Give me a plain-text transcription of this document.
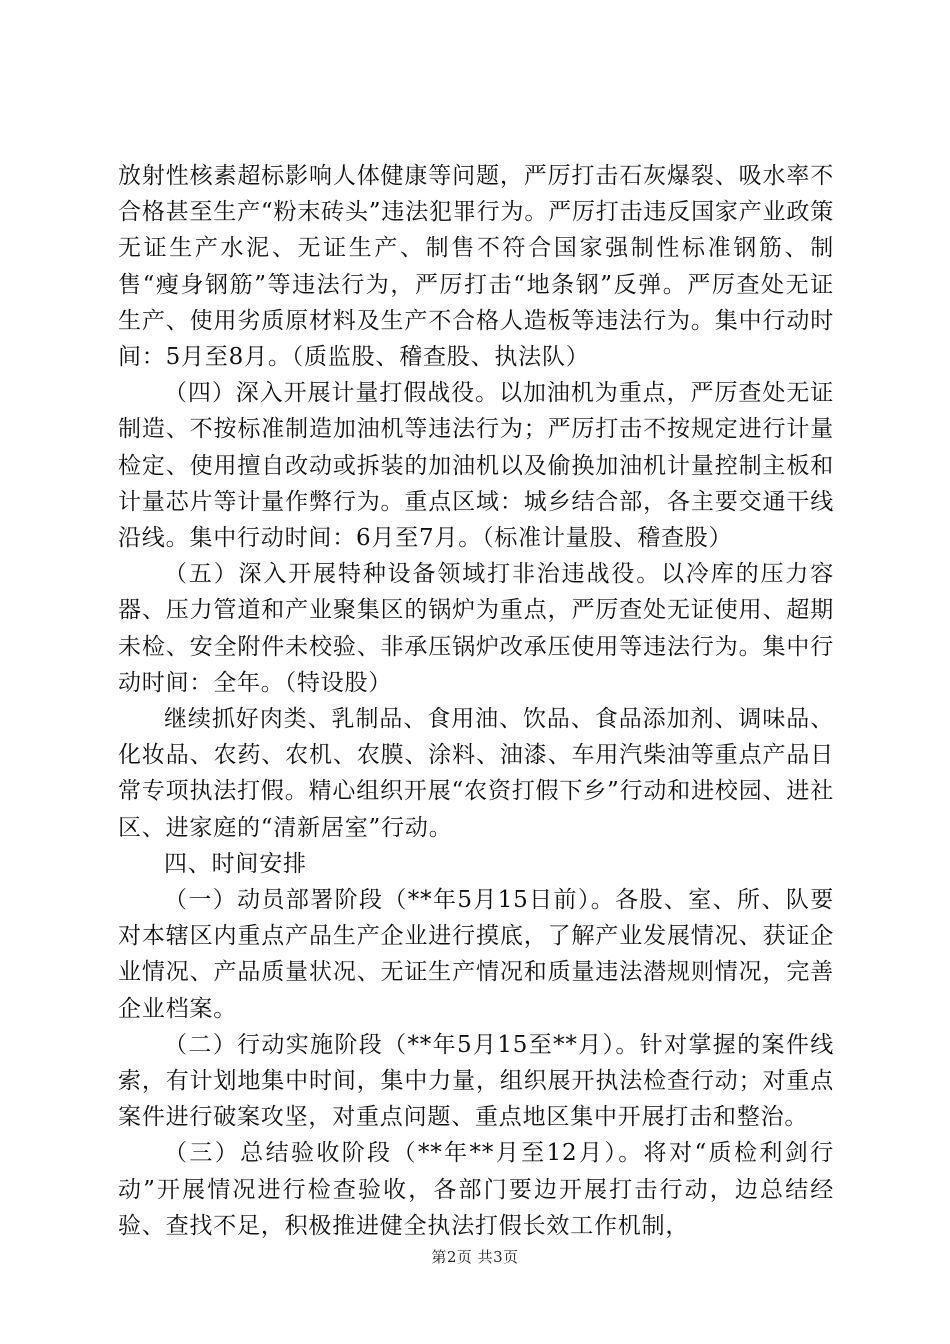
放射性核素超标影响人体健康等问题，严厉打击石灰爆裂、吸水率不合格甚至生产“粉末砖头”违法犯罪行为。严厉打击违反国家产业政策无证生产水泥、无证生产、制售不符合国家强制性标准钢筋、制售“瘦身钢筋”等违法行为，严厉打击“地条钢”反弹。严厉查处无证生产、使用劣质原材料及生产不合格人造板等违法行为。集中行动时间：5月至8月。（质监股、稽查股、执法队）

（四）深入开展计量打假战役。以加油机为重点，严厉查处无证制造、不按标准制造加油机等违法行为；严厉打击不按规定进行计量检定、使用擅自改动或拆装的加油机以及偷换加油机计量控制主板和计量芯片等计量作弊行为。重点区域：城乡结合部，各主要交通干线沿线。集中行动时间：6月至7月。（标准计量股、稽查股）

（五）深入开展特种设备领域打非治违战役。以冷库的压力容器、压力管道和产业聚集区的锅炉为重点，严厉查处无证使用、超期未检、安全附件未校验、非承压锅炉改承压使用等违法行为。集中行动时间：全年。（特设股）

继续抓好肉类、乳制品、食用油、饮品、食品添加剂、调味品、化妆品、农药、农机、农膜、涂料、油漆、车用汽柴油等重点产品日常专项执法打假。精心组织开展“农资打假下乡”行动和进校园、进社区、进家庭的“清新居室”行动。

四、时间安排

（一）动员部署阶段（**年5月15日前）。各股、室、所、队要对本辖区内重点产品生产企业进行摸底，了解产业发展情况、获证企业情况、产品质量状况、无证生产情况和质量违法潜规则情况，完善企业档案。

（二）行动实施阶段（**年5月15至**月）。针对掌握的案件线索，有计划地集中时间，集中力量，组织展开执法检查行动；对重点案件进行破案攻坚，对重点问题、重点地区集中开展打击和整治。

（三）总结验收阶段（**年**月至12月）。将对“质检利剑行动”开展情况进行检查验收，各部门要边开展打击行动，边总结经验、查找不足，积极推进健全执法打假长效工作机制，

第2页 共3页
